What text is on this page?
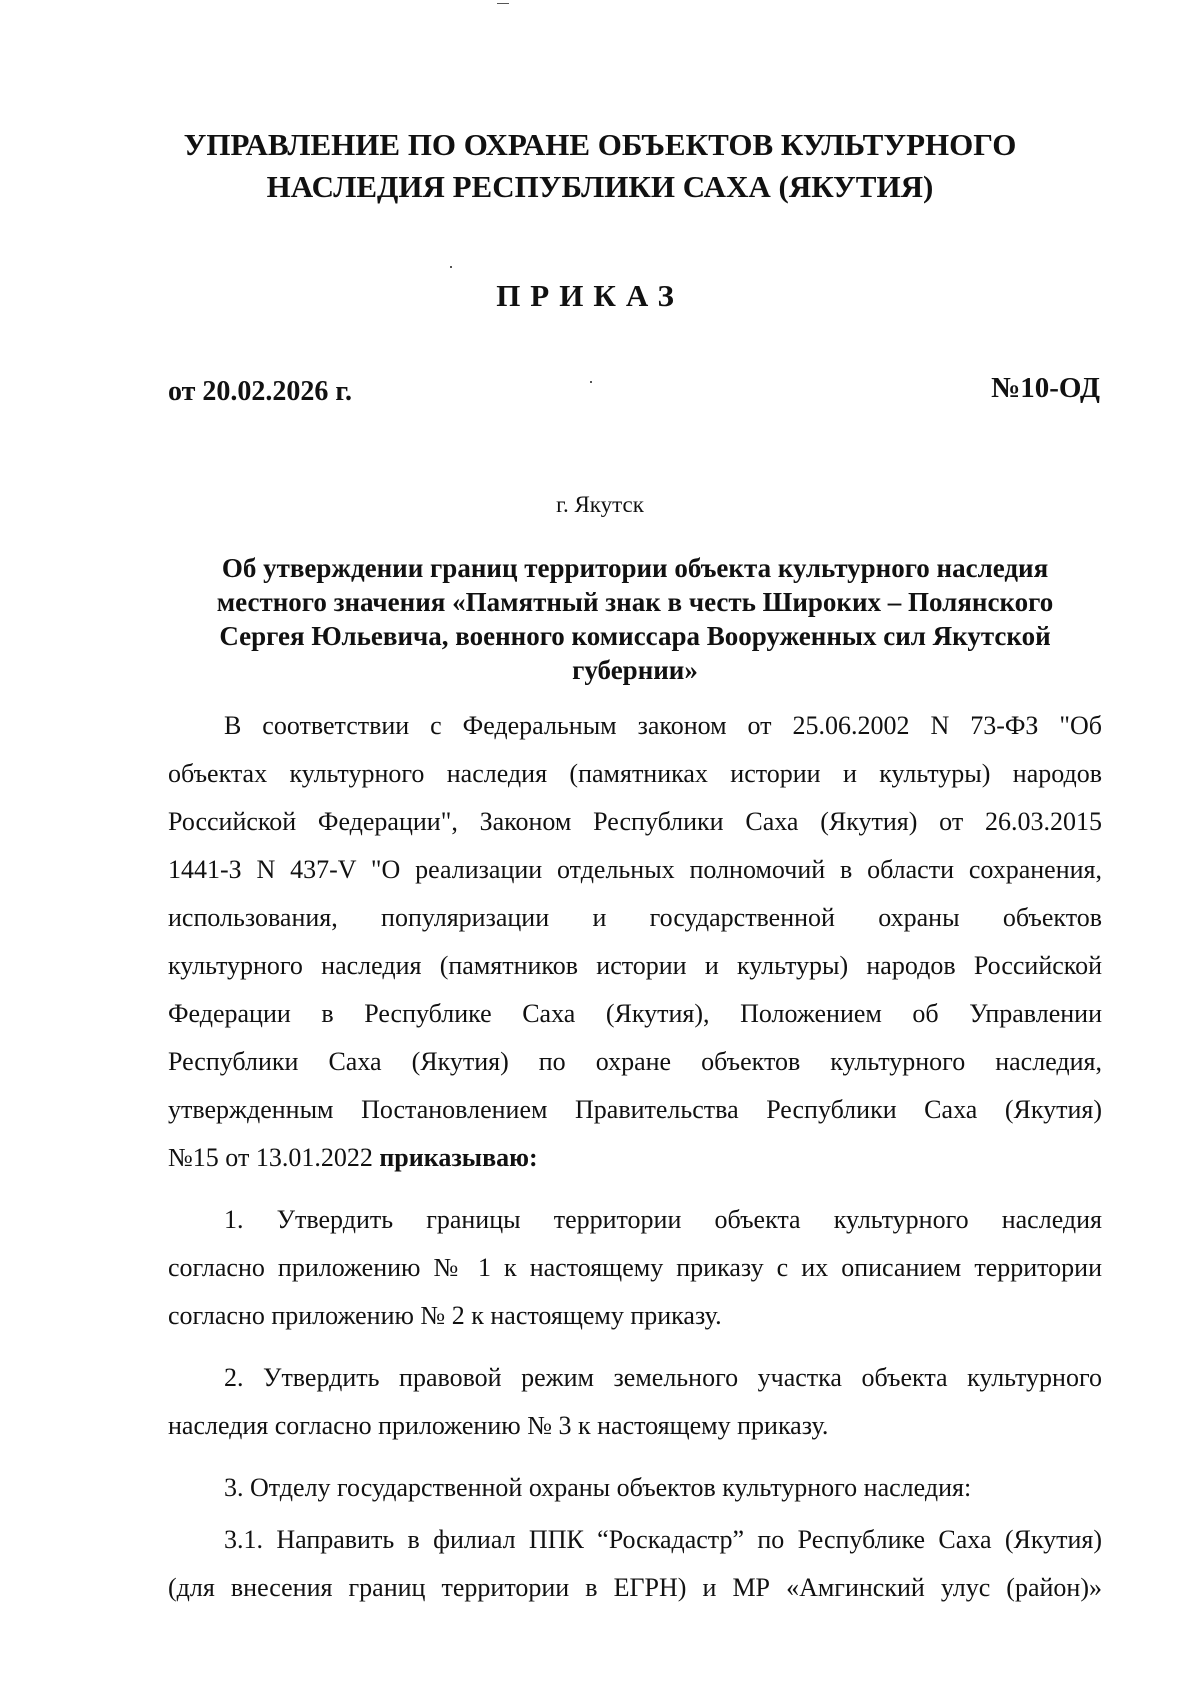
УПРАВЛЕНИЕ ПО ОХРАНЕ ОБЪЕКТОВ КУЛЬТУРНОГО
НАСЛЕДИЯ РЕСПУБЛИКИ САХА (ЯКУТИЯ)
ПРИКАЗ
от 20.02.2026 г.	№10-ОД
г. Якутск
Об утверждении границ территории объекта культурного наследия
местного значения «Памятный знак в честь Широких – Полянского
Сергея Юльевича, военного комиссара Вооруженных сил Якутской
губернии»
В соответствии с Федеральным законом от 25.06.2002 N 73-ФЗ "Об
объектах культурного наследия (памятниках истории и культуры) народов
Российской Федерации", Законом Республики Саха (Якутия) от 26.03.2015
1441-З N 437-V "О реализации отдельных полномочий в области сохранения,
использования, популяризации и государственной охраны объектов
культурного наследия (памятников истории и культуры) народов Российской
Федерации в Республике Саха (Якутия), Положением об Управлении
Республики Саха (Якутия) по охране объектов культурного наследия,
утвержденным Постановлением Правительства Республики Саха (Якутия)
№15 от 13.01.2022 приказываю:
1. Утвердить границы территории объекта культурного наследия
согласно приложению № 1 к настоящему приказу с их описанием территории
согласно приложению № 2 к настоящему приказу.
2. Утвердить правовой режим земельного участка объекта культурного
наследия согласно приложению № 3 к настоящему приказу.
3. Отделу государственной охраны объектов культурного наследия:
3.1. Направить в филиал ППК “Роскадастр” по Республике Саха (Якутия)
(для внесения границ территории в ЕГРН) и МР «Амгинский улус (район)»
